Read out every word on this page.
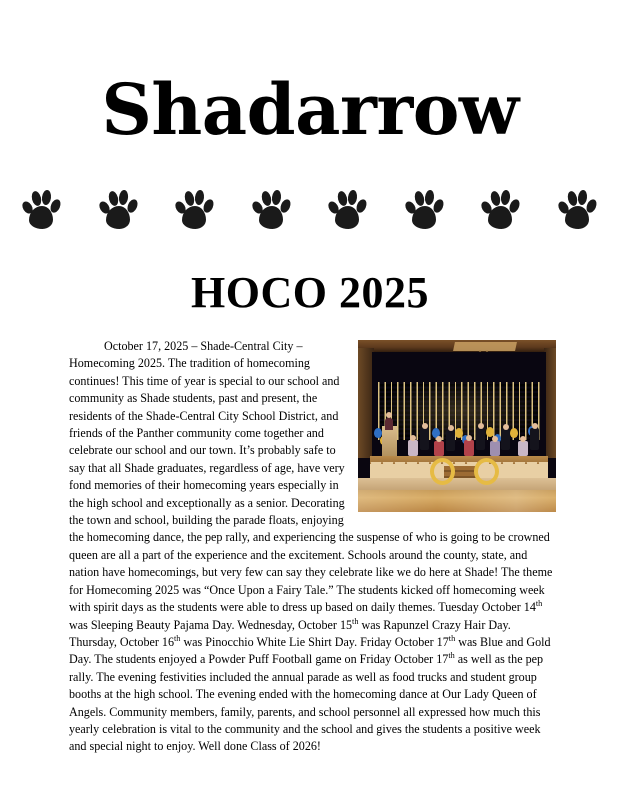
Shadarrow
HOCO 2025

October 17, 2025 – Shade-Central City – Homecoming 2025. The tradition of homecoming continues! This time of year is special to our school and community as Shade students, past and present, the residents of the Shade-Central City School District, and friends of the Panther community come together and celebrate our school and our town. It’s probably safe to say that all Shade graduates, regardless of age, have very fond memories of their homecoming years especially in the high school and exceptionally as a senior. Decorating the town and school, building the parade floats, enjoying the homecoming dance, the pep rally, and experiencing the suspense of who is going to be crowned queen are all a part of the experience and the excitement. Schools around the county, state, and nation have homecomings, but very few can say they celebrate like we do here at Shade! The theme for Homecoming 2025 was “Once Upon a Fairy Tale.” The students kicked off homecoming week with spirit days as the students were able to dress up based on daily themes. Tuesday October 14th was Sleeping Beauty Pajama Day. Wednesday, October 15th was Rapunzel Crazy Hair Day. Thursday, October 16th was Pinocchio White Lie Shirt Day. Friday October 17th was Blue and Gold Day. The students enjoyed a Powder Puff Football game on Friday October 17th as well as the pep rally. The evening festivities included the annual parade as well as food trucks and student group booths at the high school. The evening ended with the homecoming dance at Our Lady Queen of Angels. Community members, family, parents, and school personnel all expressed how much this yearly celebration is vital to the community and the school and gives the students a positive week and special night to enjoy. Well done Class of 2026!
